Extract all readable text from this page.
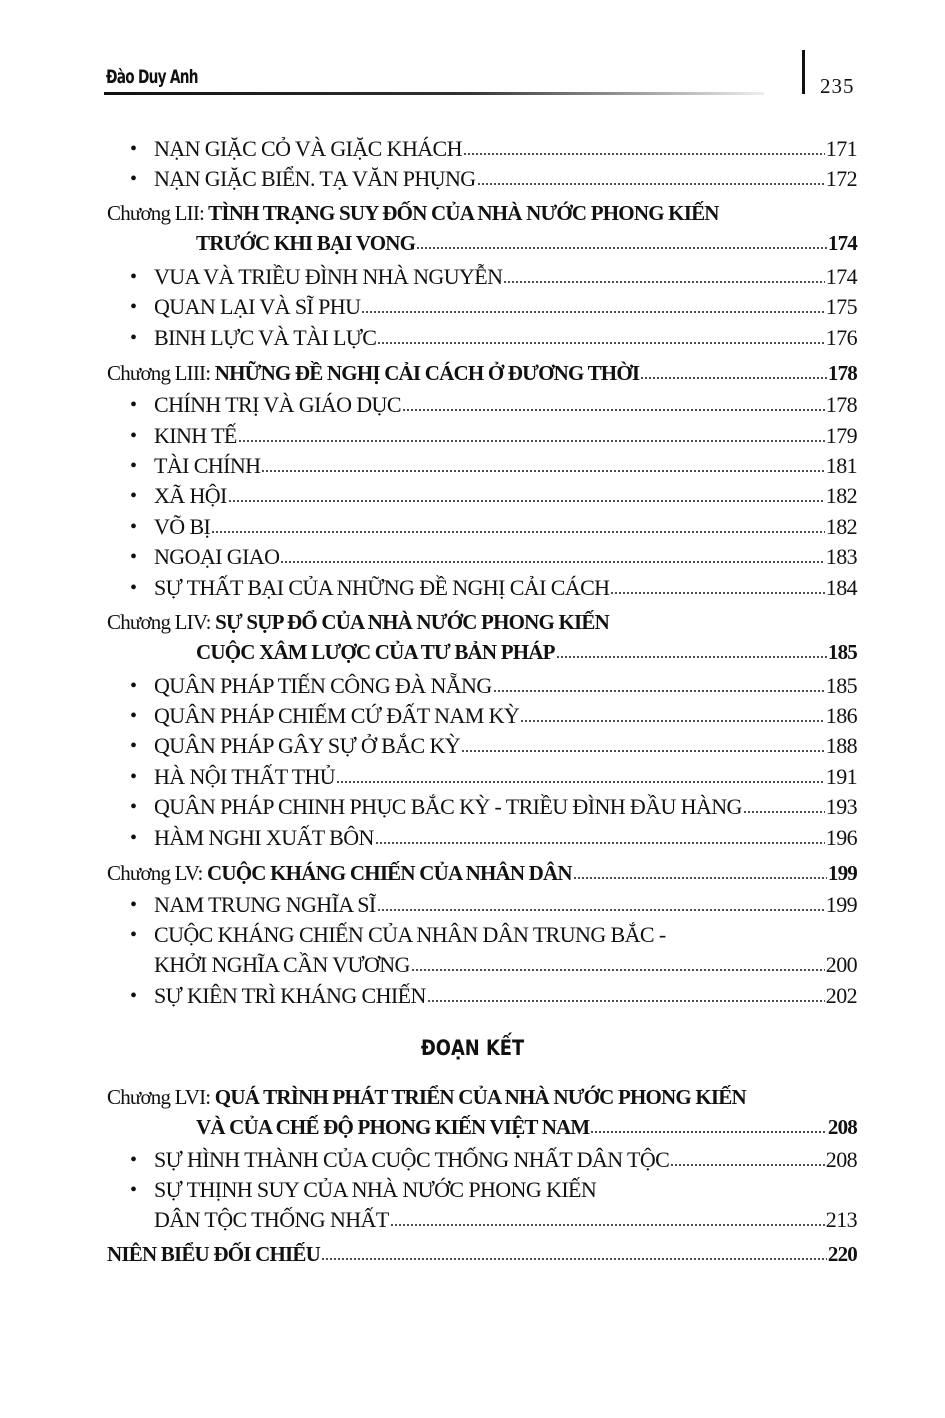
Đào Duy Anh	235
• NẠN GIẶC CỎ VÀ GIẶC KHÁCH	171
• NẠN GIẶC BIỂN. TẠ VĂN PHỤNG	172
Chương LII: TÌNH TRẠNG SUY ĐỐN CỦA NHÀ NƯỚC PHONG KIẾN
TRƯỚC KHI BẠI VONG	174
• VUA VÀ TRIỀU ĐÌNH NHÀ NGUYỄN	174
• QUAN LẠI VÀ SĨ PHU	175
• BINH LỰC VÀ TÀI LỰC	176
Chương LIII: NHỮNG ĐỀ NGHỊ CẢI CÁCH Ở ĐƯƠNG THỜI	178
• CHÍNH TRỊ VÀ GIÁO DỤC	178
• KINH TẾ	179
• TÀI CHÍNH	181
• XÃ HỘI	182
• VÕ BỊ	182
• NGOẠI GIAO	183
• SỰ THẤT BẠI CỦA NHỮNG ĐỀ NGHỊ CẢI CÁCH	184
Chương LIV: SỰ SỤP ĐỔ CỦA NHÀ NƯỚC PHONG KIẾN
CUỘC XÂM LƯỢC CỦA TƯ BẢN PHÁP	185
• QUÂN PHÁP TIẾN CÔNG ĐÀ NẴNG	185
• QUÂN PHÁP CHIẾM CỨ ĐẤT NAM KỲ	186
• QUÂN PHÁP GÂY SỰ Ở BẮC KỲ	188
• HÀ NỘI THẤT THỦ	191
• QUÂN PHÁP CHINH PHỤC BẮC KỲ - TRIỀU ĐÌNH ĐẦU HÀNG	193
• HÀM NGHI XUẤT BÔN	196
Chương LV: CUỘC KHÁNG CHIẾN CỦA NHÂN DÂN	199
• NAM TRUNG NGHĨA SĨ	199
• CUỘC KHÁNG CHIẾN CỦA NHÂN DÂN TRUNG BẮC -
KHỞI NGHĨA CẦN VƯƠNG	200
• SỰ KIÊN TRÌ KHÁNG CHIẾN	202
ĐOẠN KẾT
Chương LVI: QUÁ TRÌNH PHÁT TRIỂN CỦA NHÀ NƯỚC PHONG KIẾN
VÀ CỦA CHẾ ĐỘ PHONG KIẾN VIỆT NAM	208
• SỰ HÌNH THÀNH CỦA CUỘC THỐNG NHẤT DÂN TỘC	208
• SỰ THỊNH SUY CỦA NHÀ NƯỚC PHONG KIẾN
DÂN TỘC THỐNG NHẤT	213
NIÊN BIỂU ĐỐI CHIẾU	220
